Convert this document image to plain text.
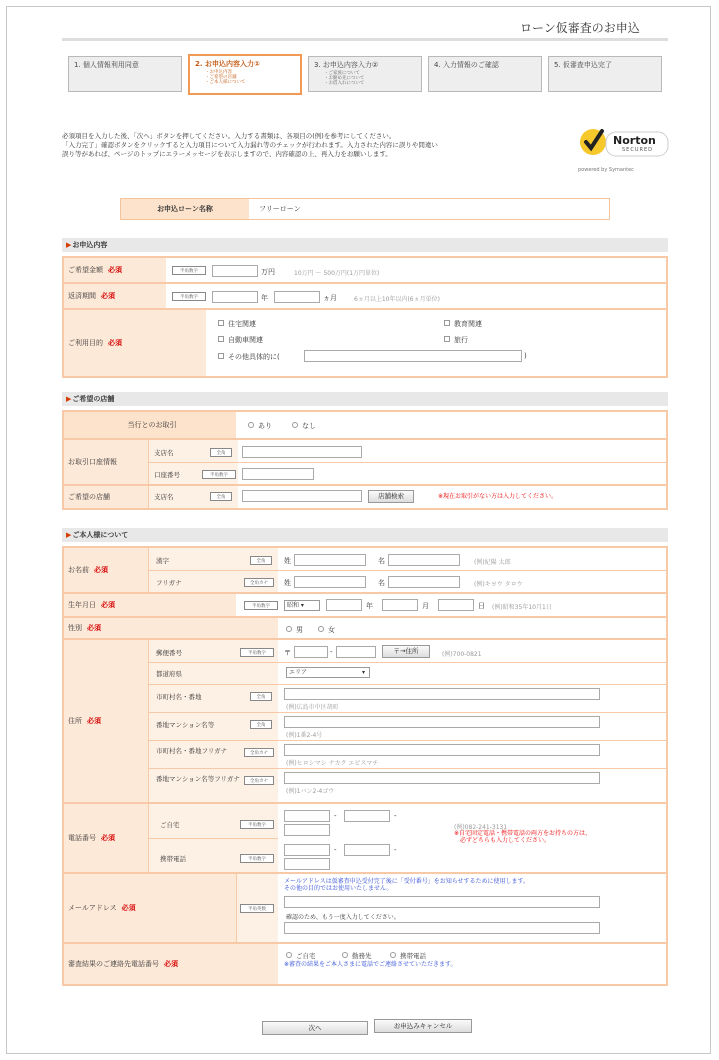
ローン仮審査のお申込
1. 個人情報利用同意	2. お申込内容入力①
・お申込内容
・ご希望の店舗
・ご本人様について
3. お申込内容入力②
・ご家族について
・お勤め先について
・お借入れについて
4. 入力情報のご確認	5. 仮審査申込完了
必須項目を入力した後、「次へ」ボタンを押してください。入力する書類は、各項目の(例)を参考にしてください。
「入力完了」確認ボタンをクリックすると入力項目について入力漏れ等のチェックが行われます。入力された内容に誤りや間違い
誤り等があれば、ページのトップにエラーメッセージを表示しますので、内容確認の上、再入力をお願いします。
Norton
SECURED
powered by Symantec
お申込ローン名称	フリーローン
▶お申込内容
ご希望金額 必須	半角数字	万円	10万円 ～ 500万円(1万円単位)
返済期間 必須	半角数字	年	ヵ月	6ヵ月以上10年以内(6ヵ月単位)
ご利用目的 必須
住宅関連	教育関連
自動車関連	旅行
その他具体的に(	)
▶ご希望の店舗
当行とのお取引	あり	なし
お取引口座情報
支店名	全角
口座番号	半角数字
ご希望の店舗	支店名	全角	店舗検索	※現在お取引がない方は入力してください。
▶ご本人様について
お名前 必須
漢字	全角	姓	名	(例)紀陽 太郎
フリガナ	全角カナ	姓	名	(例)キヨウ タロウ
生年月日 必須	半角数字	昭和 ▾	年	月	日 (例)昭和35年10月1日
性別 必須	男	女
住所 必須
郵便番号	半角数字	〒	-	〒→住所	(例)700-0821
都道府県	エリア	▾
市町村名・番地	全角
(例)広島市中区胡町
番地マンション名等	全角
(例)1番2-4号
市町村名・番地フリガナ	全角カナ
(例)ヒロシマシ ナカク エビスマチ
番地マンション名等フリガナ	全角カナ
(例)1バン2-4ゴウ
電話番号 必須
ご自宅	半角数字
-	-
携帯電話	半角数字
-	-
(例)082-241-3131
※自宅固定電話・携帯電話の両方をお持ちの方は、
必ずどちらも入力してください。
メールアドレス 必須	半角英数
メールアドレスは仮審査申込受付完了後に「受付番号」をお知らせするために使用します。
その他の目的ではお使用いたしません。
確認のため、もう一度入力してください。
審査結果のご連絡先電話番号 必須
ご自宅	勤務先	携帯電話
※審査の結果をご本人さまに電話でご連絡させていただきます。
次へ	お申込みキャンセル
